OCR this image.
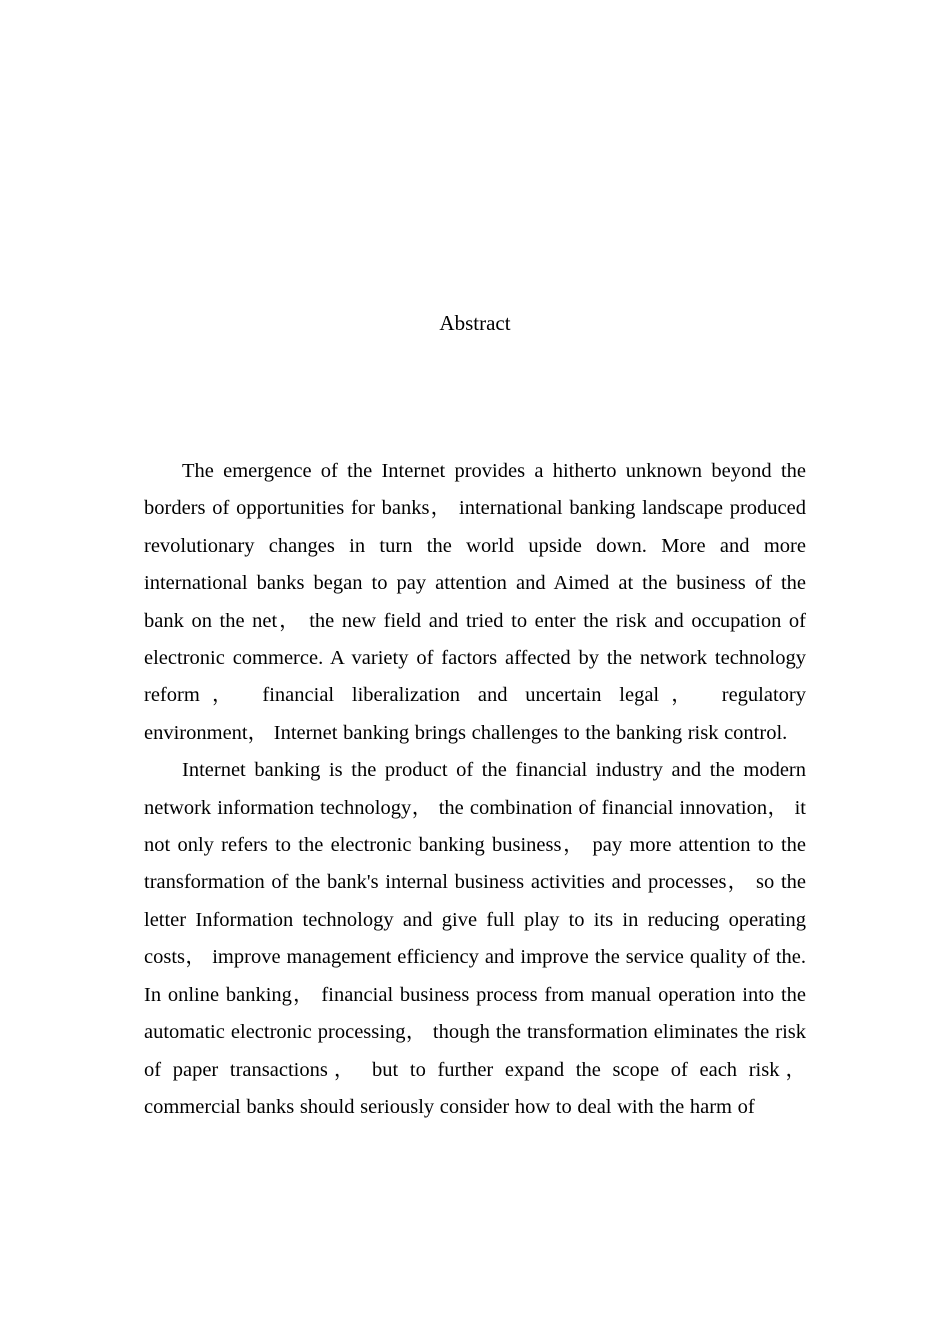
Abstract

The emergence of the Internet provides a hitherto unknown beyond the borders of opportunities for banks， international banking landscape produced revolutionary changes in turn the world upside down. More and more international banks began to pay attention and Aimed at the business of the bank on the net， the new field and tried to enter the risk and occupation of electronic commerce. A variety of factors affected by the network technology reform， financial liberalization and uncertain legal， regulatory environment， Internet banking brings challenges to the banking risk control.

Internet banking is the product of the financial industry and the modern network information technology， the combination of financial innovation， it not only refers to the electronic banking business， pay more attention to the transformation of the bank's internal business activities and processes， so the letter Information technology and give full play to its in reducing operating costs， improve management efficiency and improve the service quality of the. In online banking， financial business process from manual operation into the automatic electronic processing， though the transformation eliminates the risk of paper transactions， but to further expand the scope of each risk， commercial banks should seriously consider how to deal with the harm of
